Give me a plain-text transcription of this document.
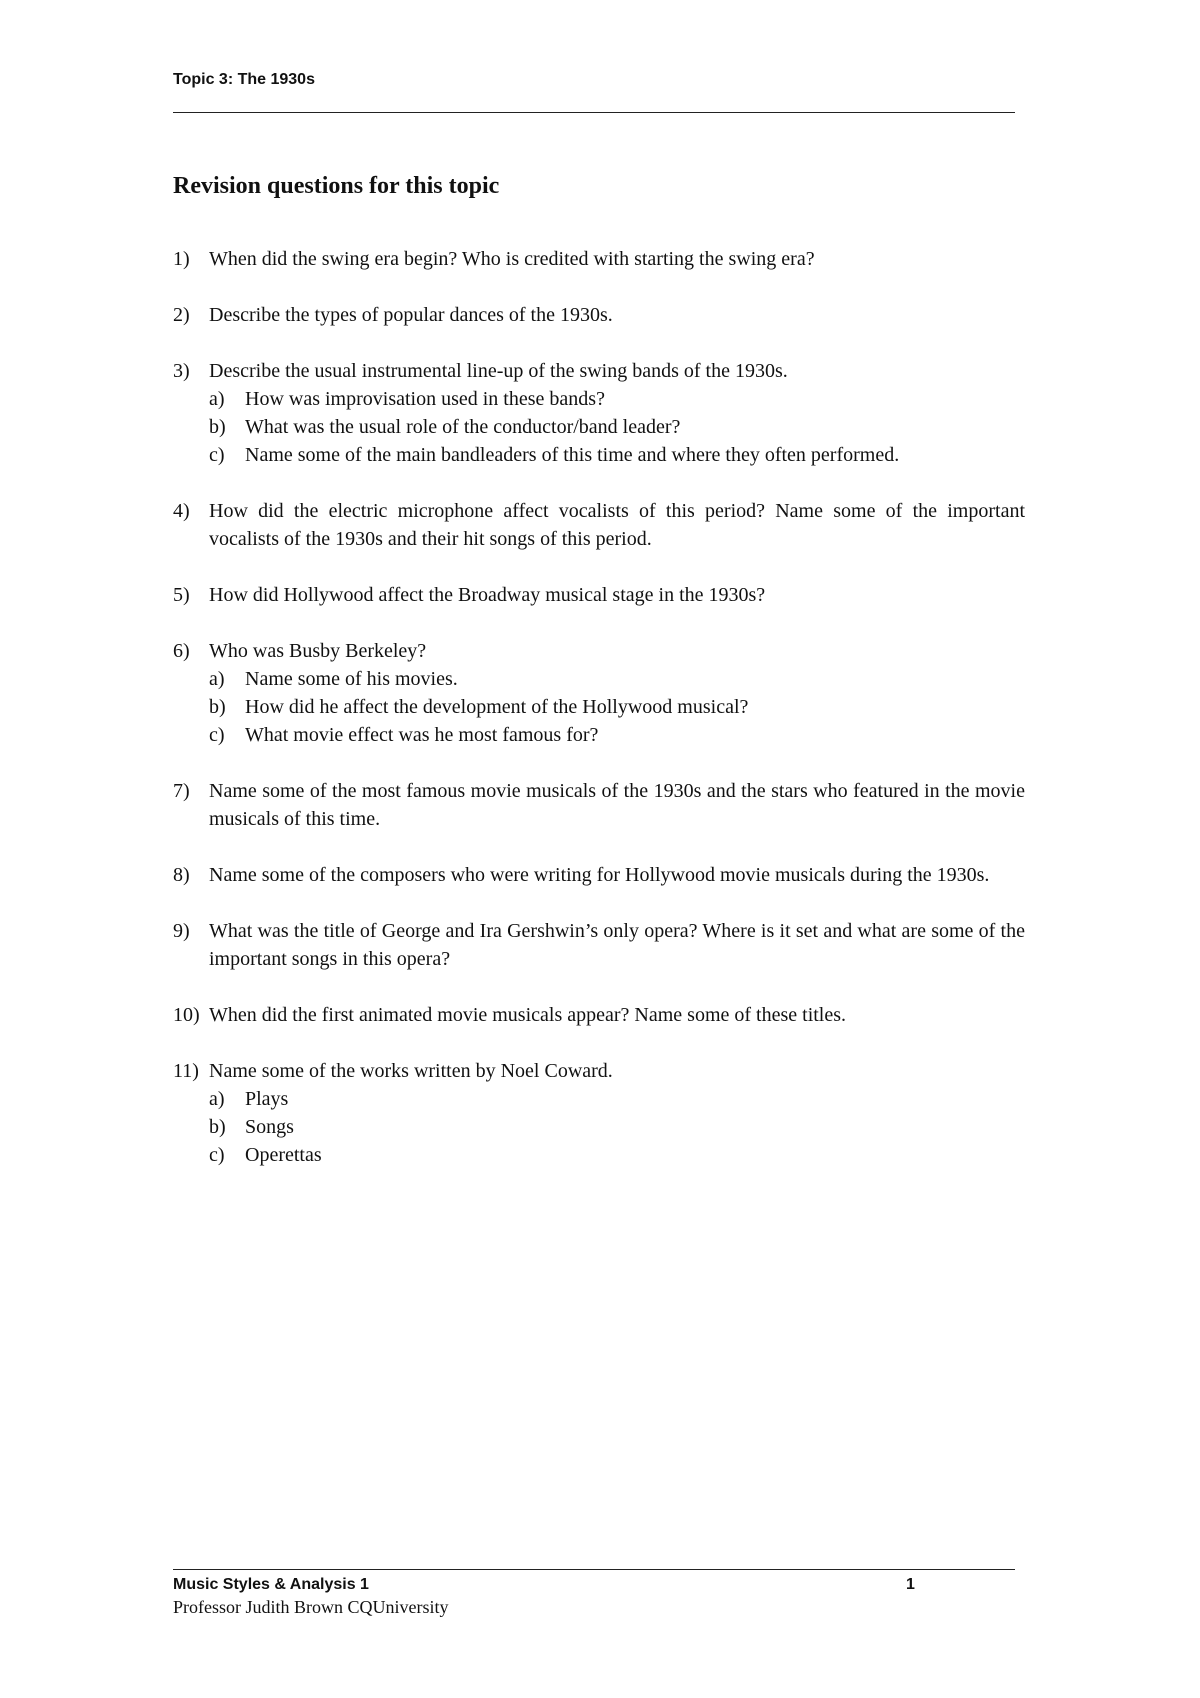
Topic 3: The 1930s
Revision questions for this topic
1) When did the swing era begin? Who is credited with starting the swing era?
2) Describe the types of popular dances of the 1930s.
3) Describe the usual instrumental line-up of the swing bands of the 1930s.
a)	How was improvisation used in these bands?
b) What was the usual role of the conductor/band leader?
c)	Name some of the main bandleaders of this time and where they often performed.
4) How did the electric microphone affect vocalists of this period? Name some of the important vocalists of the 1930s and their hit songs of this period.
5) How did Hollywood affect the Broadway musical stage in the 1930s?
6) Who was Busby Berkeley?
a)	Name some of his movies.
b) How did he affect the development of the Hollywood musical?
c)	What movie effect was he most famous for?
7) Name some of the most famous movie musicals of the 1930s and the stars who featured in the movie musicals of this time.
8) Name some of the composers who were writing for Hollywood movie musicals during the 1930s.
9) What was the title of George and Ira Gershwin’s only opera? Where is it set and what are some of the important songs in this opera?
10) When did the first animated movie musicals appear? Name some of these titles.
11) Name some of the works written by Noel Coward.
a)	Plays
b) Songs
c)	Operettas
Music Styles & Analysis 1	1
Professor Judith Brown CQUniversity
